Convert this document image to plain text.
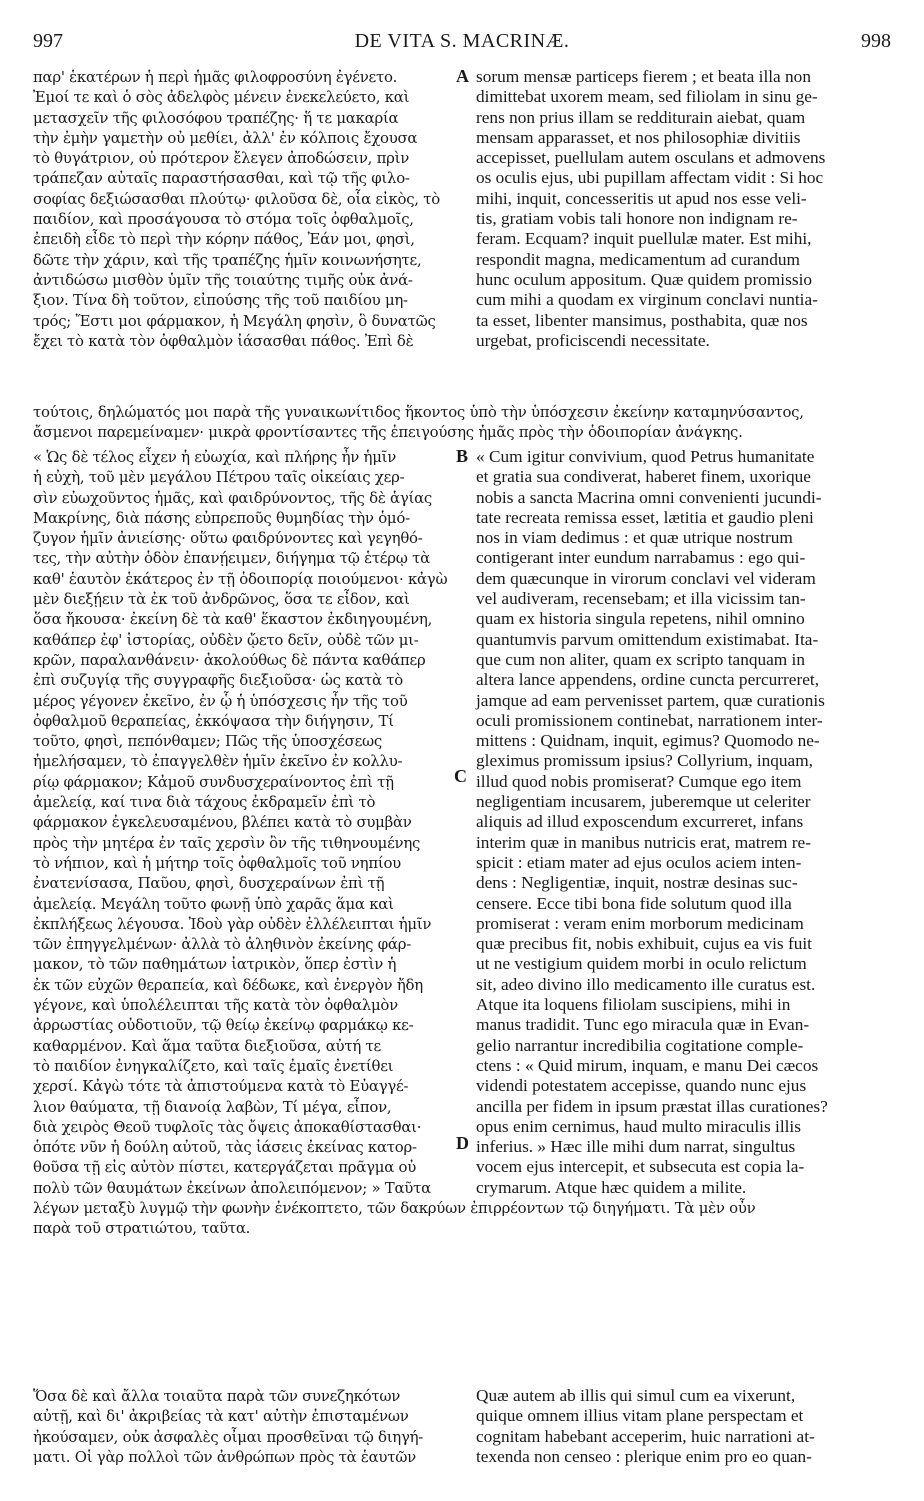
997	DE VITA S. MACRINÆ.	998
παρ' ἑκατέρων ἡ περὶ ἡμᾶς φιλοφροσύνη ἐγένετο.
Ἐμοί τε καὶ ὁ σὸς ἀδελφὸς μένειν ἐνεκελεύετο, καὶ
μετασχεῖν τῆς φιλοσόφου τραπέζης· ἥ τε μακαρία
τὴν ἐμὴν γαμετὴν οὐ μεθίει, ἀλλ' ἐν κόλποις ἔχουσα
τὸ θυγάτριον, οὐ πρότερον ἔλεγεν ἀποδώσειν, πρὶν
τράπεζαν αὐταῖς παραστήσασθαι, καὶ τῷ τῆς φιλο-
σοφίας δεξιώσασθαι πλούτῳ· φιλοῦσα δὲ, οἷα εἰκὸς, τὸ
παιδίον, καὶ προσάγουσα τὸ στόμα τοῖς ὀφθαλμοῖς,
ἐπειδὴ εἶδε τὸ περὶ τὴν κόρην πάθος, Ἐάν μοι, φησὶ,
δῶτε τὴν χάριν, καὶ τῆς τραπέζης ἡμῖν κοινωνήσητε,
ἀντιδώσω μισθὸν ὑμῖν τῆς τοιαύτης τιμῆς οὐκ ἀνά-
ξιον. Τίνα δὴ τοῦτον, εἰπούσης τῆς τοῦ παιδίου μη-
τρός; Ἔστι μοι φάρμακον, ἡ Μεγάλη φησὶν, ὃ δυνατῶς
ἔχει τὸ κατὰ τὸν ὀφθαλμὸν ἰάσασθαι πάθος. Ἐπὶ δὲ
sorum mensæ particeps fierem ; et beata illa non
dimittebat uxorem meam, sed filiolam in sinu ge-
rens non prius illam se redditurain aiebat, quam
mensam apparasset, et nos philosophiæ divitiis
accepisset, puellulam autem osculans et admovens
os oculis ejus, ubi pupillam affectam vidit : Si hoc
mihi, inquit, concesseritis ut apud nos esse veli-
tis, gratiam vobis tali honore non indignam re-
feram. Ecquam? inquit puellulæ mater. Est mihi,
respondit magna, medicamentum ad curandum
hunc oculum appositum. Quæ quidem promissio
cum mihi a quodam ex virginum conclavi nuntia-
ta esset, libenter mansimus, posthabita, quæ nos
urgebat, proficiscendi necessitate.
A
τούτοις, δηλώματός μοι παρὰ τῆς γυναικωνίτιδος ἥκοντος ὑπὸ τὴν ὑπόσχεσιν ἐκείνην καταμηνύσαντος,
ἄσμενοι παρεμείναμεν· μικρὰ φροντίσαντες τῆς ἐπειγούσης ἡμᾶς πρὸς τὴν ὁδοιπορίαν ἀνάγκης.
« Ὡς δὲ τέλος εἶχεν ἡ εὐωχία, καὶ πλήρης ἦν ἡμῖν
ἡ εὐχὴ, τοῦ μὲν μεγάλου Πέτρου ταῖς οἰκείαις χερ-
σὶν εὐωχοῦντος ἡμᾶς, καὶ φαιδρύνοντος, τῆς δὲ ἁγίας
Μακρίνης, διὰ πάσης εὐπρεποῦς θυμηδίας τὴν ὁμό-
ζυγον ἡμῖν ἀνιείσης· οὕτω φαιδρύνοντες καὶ γεγηθό-
τες, τὴν αὐτὴν ὁδὸν ἐπανῄειμεν, διήγημα τῷ ἑτέρῳ τὰ
καθ' ἑαυτὸν ἑκάτερος ἐν τῇ ὁδοιπορίᾳ ποιούμενοι· κἀγὼ
μὲν διεξῄειν τὰ ἐκ τοῦ ἀνδρῶνος, ὅσα τε εἶδον, καὶ
ὅσα ἤκουσα· ἐκείνη δὲ τὰ καθ' ἕκαστον ἐκδιηγουμένη,
καθάπερ ἐφ' ἱστορίας, οὐδὲν ᾤετο δεῖν, οὐδὲ τῶν μι-
κρῶν, παραλανθάνειν· ἀκολούθως δὲ πάντα καθάπερ
ἐπὶ συζυγίᾳ τῆς συγγραφῆς διεξιοῦσα· ὡς κατὰ τὸ
μέρος γέγονεν ἐκεῖνο, ἐν ᾧ ἡ ὑπόσχεσις ἦν τῆς τοῦ
ὀφθαλμοῦ θεραπείας, ἐκκόψασα τὴν διήγησιν, Τί
τοῦτο, φησὶ, πεπόνθαμεν; Πῶς τῆς ὑποσχέσεως
ἠμελήσαμεν, τὸ ἐπαγγελθὲν ἡμῖν ἐκεῖνο ἐν κολλυ-
ρίῳ φάρμακον; Κἀμοῦ συνδυσχεραίνοντος ἐπὶ τῇ
ἀμελείᾳ, καί τινα διὰ τάχους ἐκδραμεῖν ἐπὶ τὸ
φάρμακον ἐγκελευσαμένου, βλέπει κατὰ τὸ συμβὰν
πρὸς τὴν μητέρα ἐν ταῖς χερσὶν ὂν τῆς τιθηνουμένης
τὸ νήπιον, καὶ ἡ μήτηρ τοῖς ὀφθαλμοῖς τοῦ νηπίου
ἐνατενίσασα, Παῦου, φησὶ, δυσχεραίνων ἐπὶ τῇ
ἀμελείᾳ. Μεγάλη τοῦτο φωνῇ ὑπὸ χαρᾶς ἅμα καὶ
ἐκπλήξεως λέγουσα. Ἰδοὺ γὰρ οὐδὲν ἐλλέλειπται ἡμῖν
τῶν ἐπηγγελμένων· ἀλλὰ τὸ ἀληθινὸν ἐκείνης φάρ-
μακον, τὸ τῶν παθημάτων ἰατρικὸν, ὅπερ ἐστὶν ἡ
ἐκ τῶν εὐχῶν θεραπεία, καὶ δέδωκε, καὶ ἐνεργὸν ἤδη
γέγονε, καὶ ὑπολέλειπται τῆς κατὰ τὸν ὀφθαλμὸν
ἀρρωστίας οὐδοτιοῦν, τῷ θείῳ ἐκείνῳ φαρμάκῳ κε-
καθαρμένον. Καὶ ἅμα ταῦτα διεξιοῦσα, αὐτή τε
τὸ παιδίον ἐνηγκαλίζετο, καὶ ταῖς ἐμαῖς ἐνετίθει
χερσί. Κἀγὼ τότε τὰ ἀπιστούμενα κατὰ τὸ Εὐαγγέ-
λιον θαύματα, τῇ διανοίᾳ λαβὼν, Τί μέγα, εἶπον,
διὰ χειρὸς Θεοῦ τυφλοῖς τὰς ὄψεις ἀποκαθίστασθαι·
ὁπότε νῦν ἡ δούλη αὐτοῦ, τὰς ἰάσεις ἐκείνας κατορ-
θοῦσα τῇ εἰς αὐτὸν πίστει, κατεργάζεται πρᾶγμα οὐ
πολὺ τῶν θαυμάτων ἐκείνων ἀπολειπόμενον; » Ταῦτα
λέγων μεταξὺ λυγμῷ τὴν φωνὴν ἐνέκοπτετο, τῶν δακρύων ἐπιρρέοντων τῷ διηγήματι. Τὰ μὲν οὖν
παρὰ τοῦ στρατιώτου, ταῦτα.
« Cum igitur convivium, quod Petrus humanitate
et gratia sua condiverat, haberet finem, uxorique
nobis a sancta Macrina omni convenienti jucundi-
tate recreata remissa esset, lætitia et gaudio pleni
nos in viam dedimus : et quæ utrique nostrum
contigerant inter eundum narrabamus : ego qui-
dem quæcunque in virorum conclavi vel videram
vel audiveram, recensebam; et illa vicissim tan-
quam ex historia singula repetens, nihil omnino
quantumvis parvum omittendum existimabat. Ita-
que cum non aliter, quam ex scripto tanquam in
altera lance appendens, ordine cuncta percurreret,
jamque ad eam pervenisset partem, quæ curationis
oculi promissionem continebat, narrationem inter-
mittens : Quidnam, inquit, egimus? Quomodo ne-
gleximus promissum ipsius? Collyrium, inquam,
illud quod nobis promiserat? Cumque ego item
negligentiam incusarem, juberemque ut celeriter
aliquis ad illud exposcendum excurreret, infans
interim quæ in manibus nutricis erat, matrem re-
spicit : etiam mater ad ejus oculos aciem inten-
dens : Negligentiæ, inquit, nostræ desinas suc-
censere. Ecce tibi bona fide solutum quod illa
promiserat : veram enim morborum medicinam
quæ precibus fit, nobis exhibuit, cujus ea vis fuit
ut ne vestigium quidem morbi in oculo relictum
sit, adeo divino illo medicamento ille curatus est.
Atque ita loquens filiolam suscipiens, mihi in
manus tradidit. Tunc ego miracula quæ in Evan-
gelio narrantur incredibilia cogitatione comple-
ctens : « Quid mirum, inquam, e manu Dei cæcos
videndi potestatem accepisse, quando nunc ejus
ancilla per fidem in ipsum præstat illas curationes?
opus enim cernimus, haud multo miraculis illis
inferius. » Hæc ille mihi dum narrat, singultus
vocem ejus intercepit, et subsecuta est copia la-
crymarum. Atque hæc quidem a milite.
B
C
D
Ὅσα δὲ καὶ ἄλλα τοιαῦτα παρὰ τῶν συνεζηκότων
αὐτῇ, καὶ δι' ἀκριβείας τὰ κατ' αὐτὴν ἐπισταμένων
ἠκούσαμεν, οὐκ ἀσφαλὲς οἶμαι προσθεῖναι τῷ διηγή-
ματι. Οἱ γὰρ πολλοὶ τῶν ἀνθρώπων πρὸς τὰ ἑαυτῶν
Quæ autem ab illis qui simul cum ea vixerunt,
quique omnem illius vitam plane perspectam et
cognitam habebant acceperim, huic narrationi at-
texenda non censeo : plerique enim pro eo quan-
